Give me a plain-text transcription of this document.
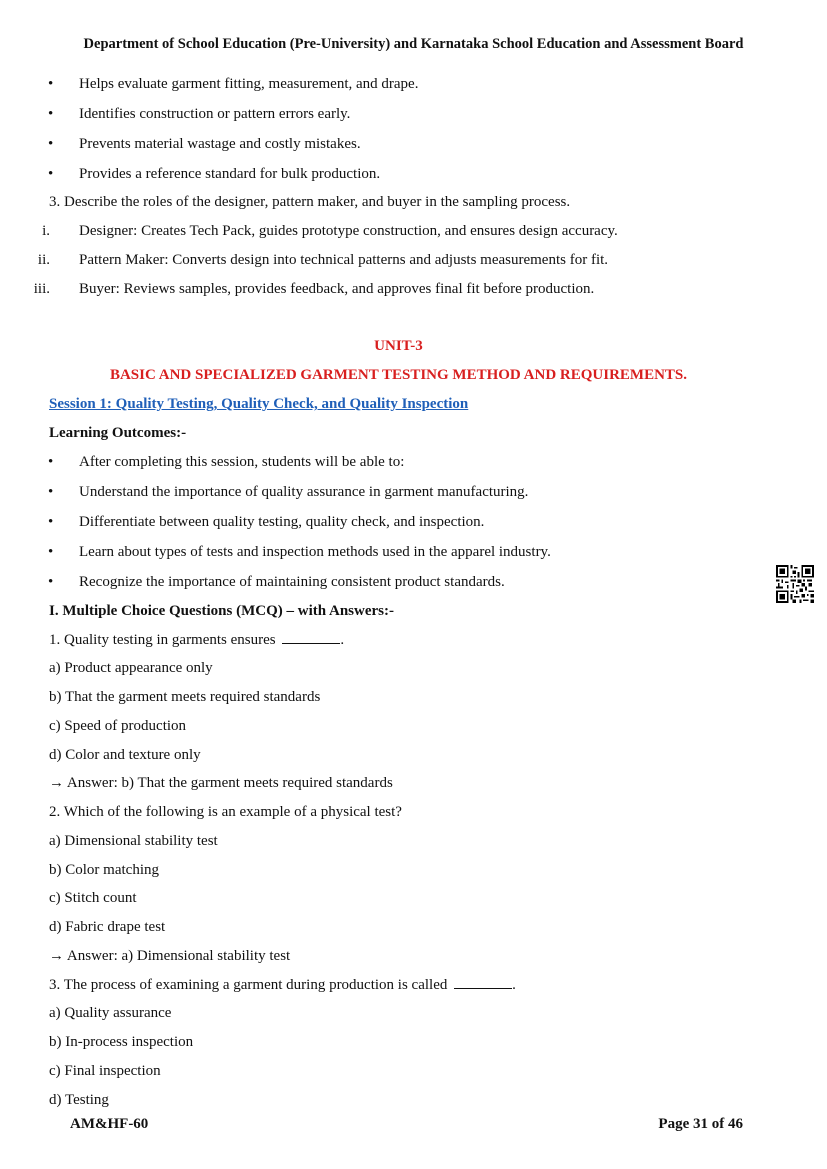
Department of School Education (Pre-University) and Karnataka School Education and Assessment Board
• Helps evaluate garment fitting, measurement, and drape.
• Identifies construction or pattern errors early.
• Prevents material wastage and costly mistakes.
• Provides a reference standard for bulk production.
3. Describe the roles of the designer, pattern maker, and buyer in the sampling process.
i. Designer: Creates Tech Pack, guides prototype construction, and ensures design accuracy.
ii. Pattern Maker: Converts design into technical patterns and adjusts measurements for fit.
iii. Buyer: Reviews samples, provides feedback, and approves final fit before production.
UNIT-3
BASIC AND SPECIALIZED GARMENT TESTING METHOD AND REQUIREMENTS.
Session 1: Quality Testing, Quality Check, and Quality Inspection
Learning Outcomes:-
• After completing this session, students will be able to:
• Understand the importance of quality assurance in garment manufacturing.
• Differentiate between quality testing, quality check, and inspection.
• Learn about types of tests and inspection methods used in the apparel industry.
• Recognize the importance of maintaining consistent product standards.
I. Multiple Choice Questions (MCQ) – with Answers:-
1. Quality testing in garments ensures	.
a) Product appearance only
b) That the garment meets required standards
c) Speed of production
d) Color and texture only
→ Answer: b) That the garment meets required standards
2. Which of the following is an example of a physical test?
a) Dimensional stability test
b) Color matching
c) Stitch count
d) Fabric drape test
→ Answer: a) Dimensional stability test
3. The process of examining a garment during production is called	.
a) Quality assurance
b) In-process inspection
c) Final inspection
d) Testing
AM&HF-60	Page 31 of 46
